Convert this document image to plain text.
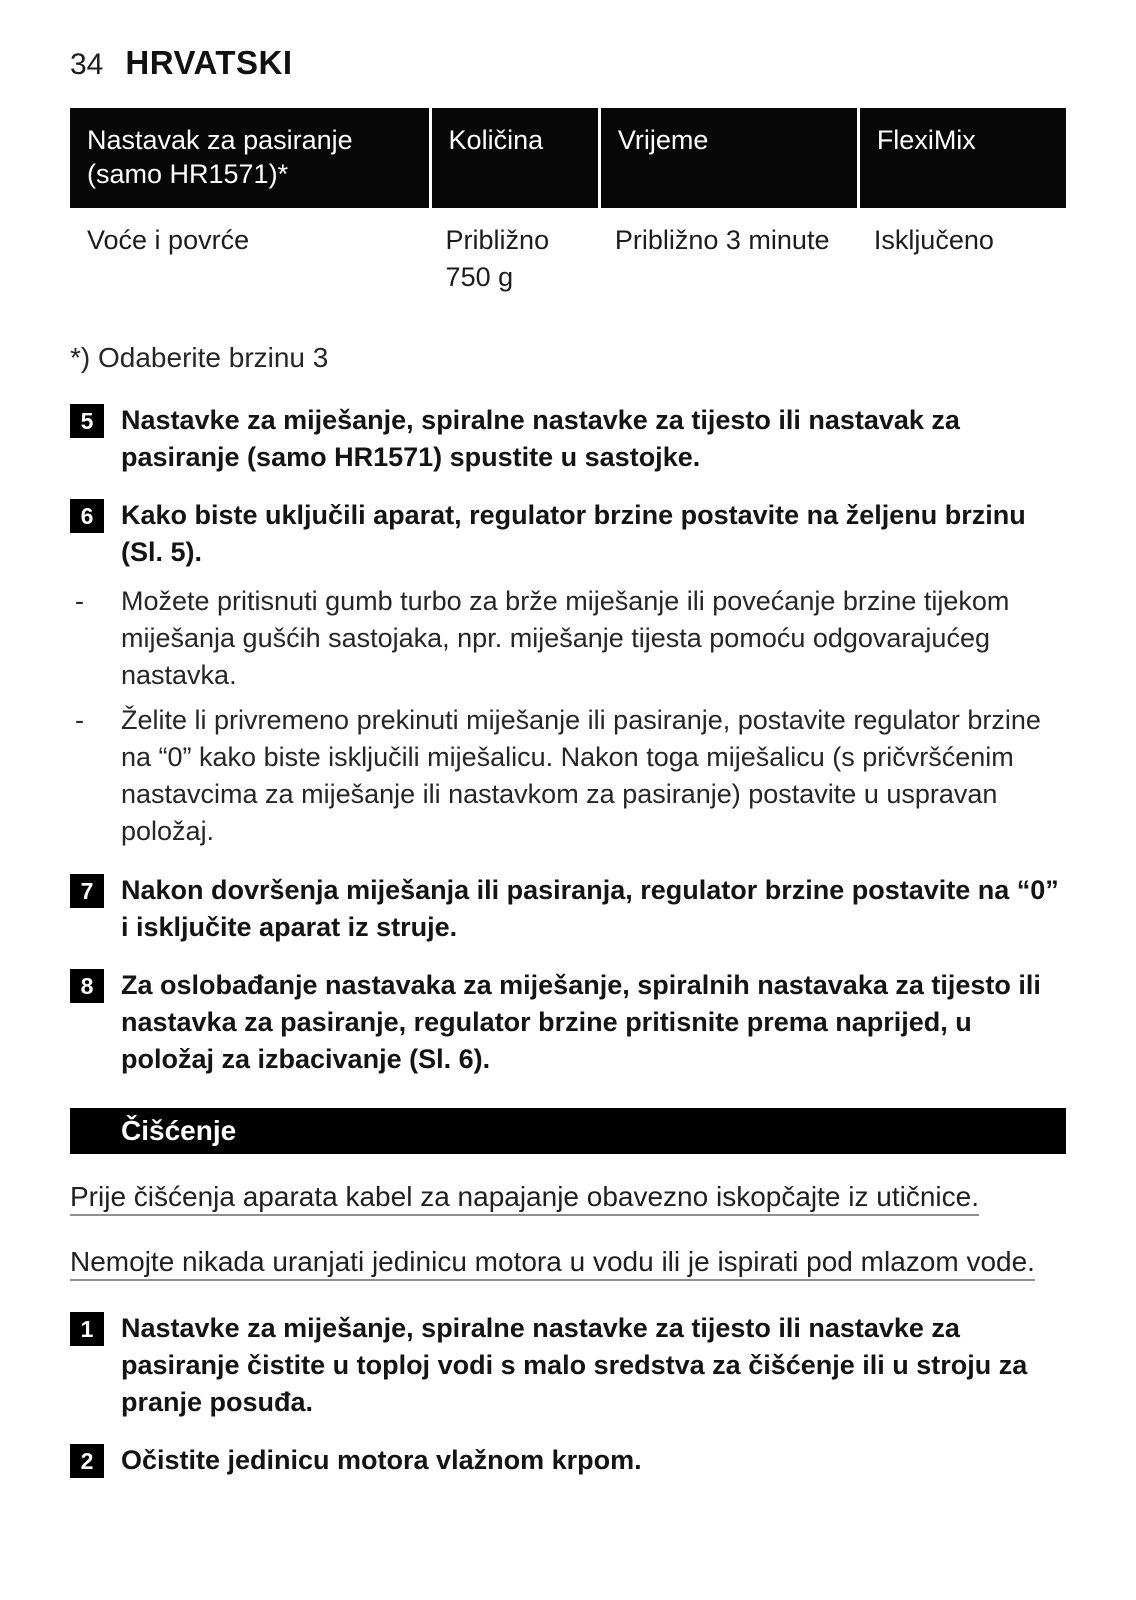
34 HRVATSKI
Nastavak za pasiranje (samo HR1571)*	Količina	Vrijeme	FlexiMix
Voće i povrće	Približno 750 g	Približno 3 minute	Isključeno

*) Odaberite brzinu 3

5	Nastavke za miješanje, spiralne nastavke za tijesto ili nastavak za pasiranje (samo HR1571) spustite u sastojke.
6	Kako biste uključili aparat, regulator brzine postavite na željenu brzinu (Sl. 5).
-	Možete pritisnuti gumb turbo za brže miješanje ili povećanje brzine tijekom miješanja gušćih sastojaka, npr. miješanje tijesta pomoću odgovarajućeg nastavka.
-	Želite li privremeno prekinuti miješanje ili pasiranje, postavite regulator brzine na “0” kako biste isključili miješalicu. Nakon toga miješalicu (s pričvršćenim nastavcima za miješanje ili nastavkom za pasiranje) postavite u uspravan položaj.
7	Nakon dovršenja miješanja ili pasiranja, regulator brzine postavite na “0” i isključite aparat iz struje.
8	Za oslobađanje nastavaka za miješanje, spiralnih nastavaka za tijesto ili nastavka za pasiranje, regulator brzine pritisnite prema naprijed, u položaj za izbacivanje (Sl. 6).
Čišćenje

Prije čišćenja aparata kabel za napajanje obavezno iskopčajte iz utičnice.

Nemojte nikada uranjati jedinicu motora u vodu ili je ispirati pod mlazom vode.

1	Nastavke za miješanje, spiralne nastavke za tijesto ili nastavke za pasiranje čistite u toploj vodi s malo sredstva za čišćenje ili u stroju za pranje posuđa.
2	Očistite jedinicu motora vlažnom krpom.
